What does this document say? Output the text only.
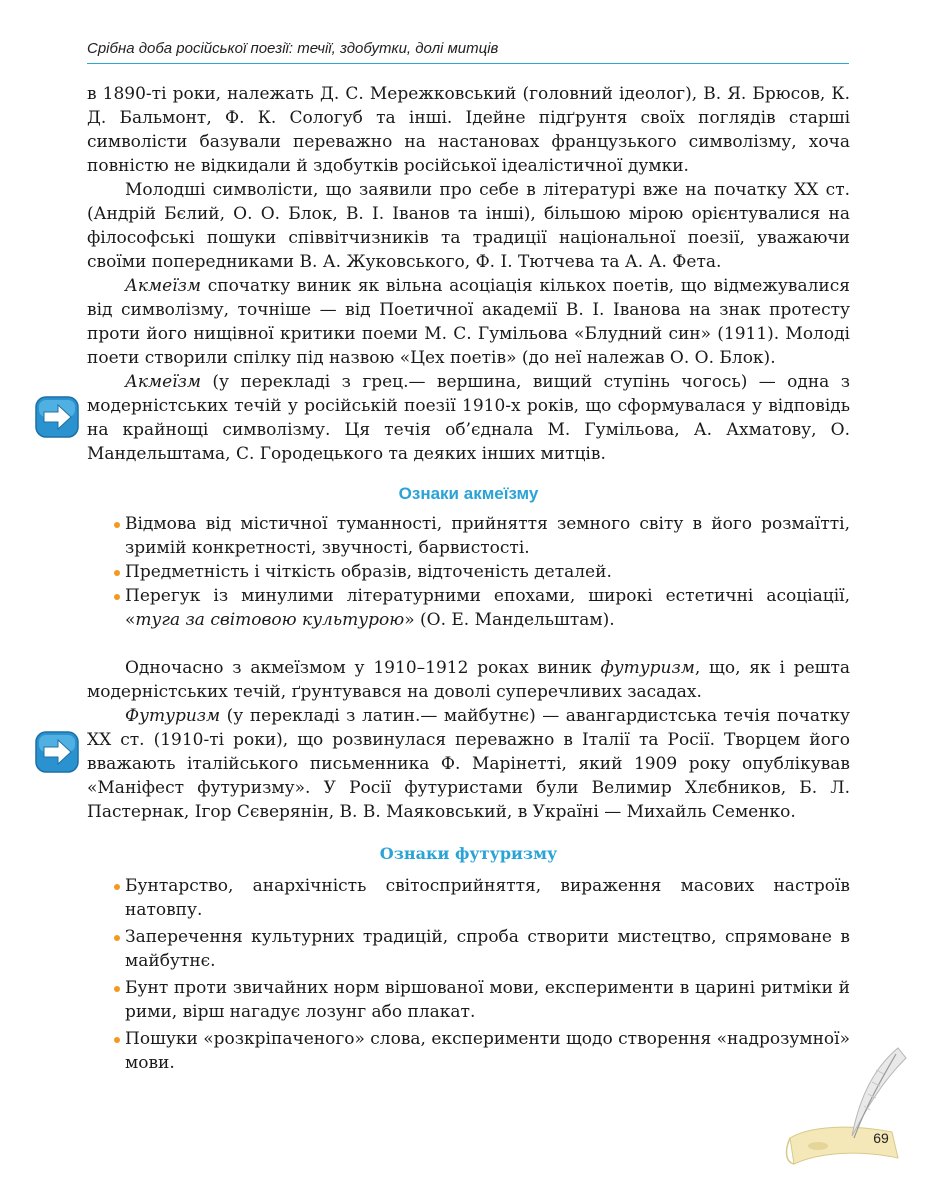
Срібна доба російської поезії: течії, здобутки, долі митців

в 1890-ті роки, належать Д. С. Мережковський (головний ідеолог), В. Я. Брюсов, К. Д. Бальмонт, Ф. К. Сологуб та інші. Ідейне підґрунтя своїх поглядів старші символісти базували переважно на настановах французького символізму, хоча повністю не відкидали й здобутків російської ідеалістичної думки.

Молодші символісти, що заявили про себе в літературі вже на початку ХХ ст. (Андрій Бєлий, О. О. Блок, В. І. Іванов та інші), більшою мірою орієнтувалися на філософські пошуки співвітчизників та традиції національної поезії, уважаючи своїми попередниками В. А. Жуковського, Ф. І. Тютчева та А. А. Фета.

Акмеїзм спочатку виник як вільна асоціація кількох поетів, що відмежувалися від символізму, точніше — від Поетичної академії В. І. Іванова на знак протесту проти його нищівної критики поеми М. С. Гумільова «Блудний син» (1911). Молоді поети створили спілку під назвою «Цех поетів» (до неї належав О. О. Блок).

Акмеїзм (у перекладі з грец.— вершина, вищий ступінь чогось) — одна з модерністських течій у російській поезії 1910-х років, що сформувалася у відповідь на крайнощі символізму. Ця течія об’єднала М. Гумільова, А. Ахматову, О. Мандельштама, С. Городецького та деяких інших митців.

Ознаки акмеїзму
Відмова від містичної туманності, прийняття земного світу в його розмаїтті, зримій конкретності, звучності, барвистості.
Предметність і чіткість образів, відточеність деталей.
Перегук із минулими літературними епохами, широкі естетичні асоціації, «туга за світовою культурою» (О. Е. Мандельштам).

Одночасно з акмеїзмом у 1910–1912 роках виник футуризм, що, як і решта модерністських течій, ґрунтувався на доволі суперечливих засадах.

Футуризм (у перекладі з латин.— майбутнє) — авангардистська течія початку ХХ ст. (1910-ті роки), що розвинулася переважно в Італії та Росії. Творцем його вважають італійського письменника Ф. Марінетті, який 1909 року опублікував «Маніфест футуризму». У Росії футуристами були Велимир Хлєбников, Б. Л. Пастернак, Ігор Сєверянін, В. В. Маяковський, в Україні — Михайль Семенко.

Ознаки футуризму
Бунтарство, анархічність світосприйняття, вираження масових настроїв натовпу.
Заперечення культурних традицій, спроба створити мистецтво, спрямоване в майбутнє.
Бунт проти звичайних норм віршованої мови, експерименти в царині ритміки й рими, вірш нагадує лозунг або плакат.
Пошуки «розкріпаченого» слова, експерименти щодо створення «надрозумної» мови.
69
